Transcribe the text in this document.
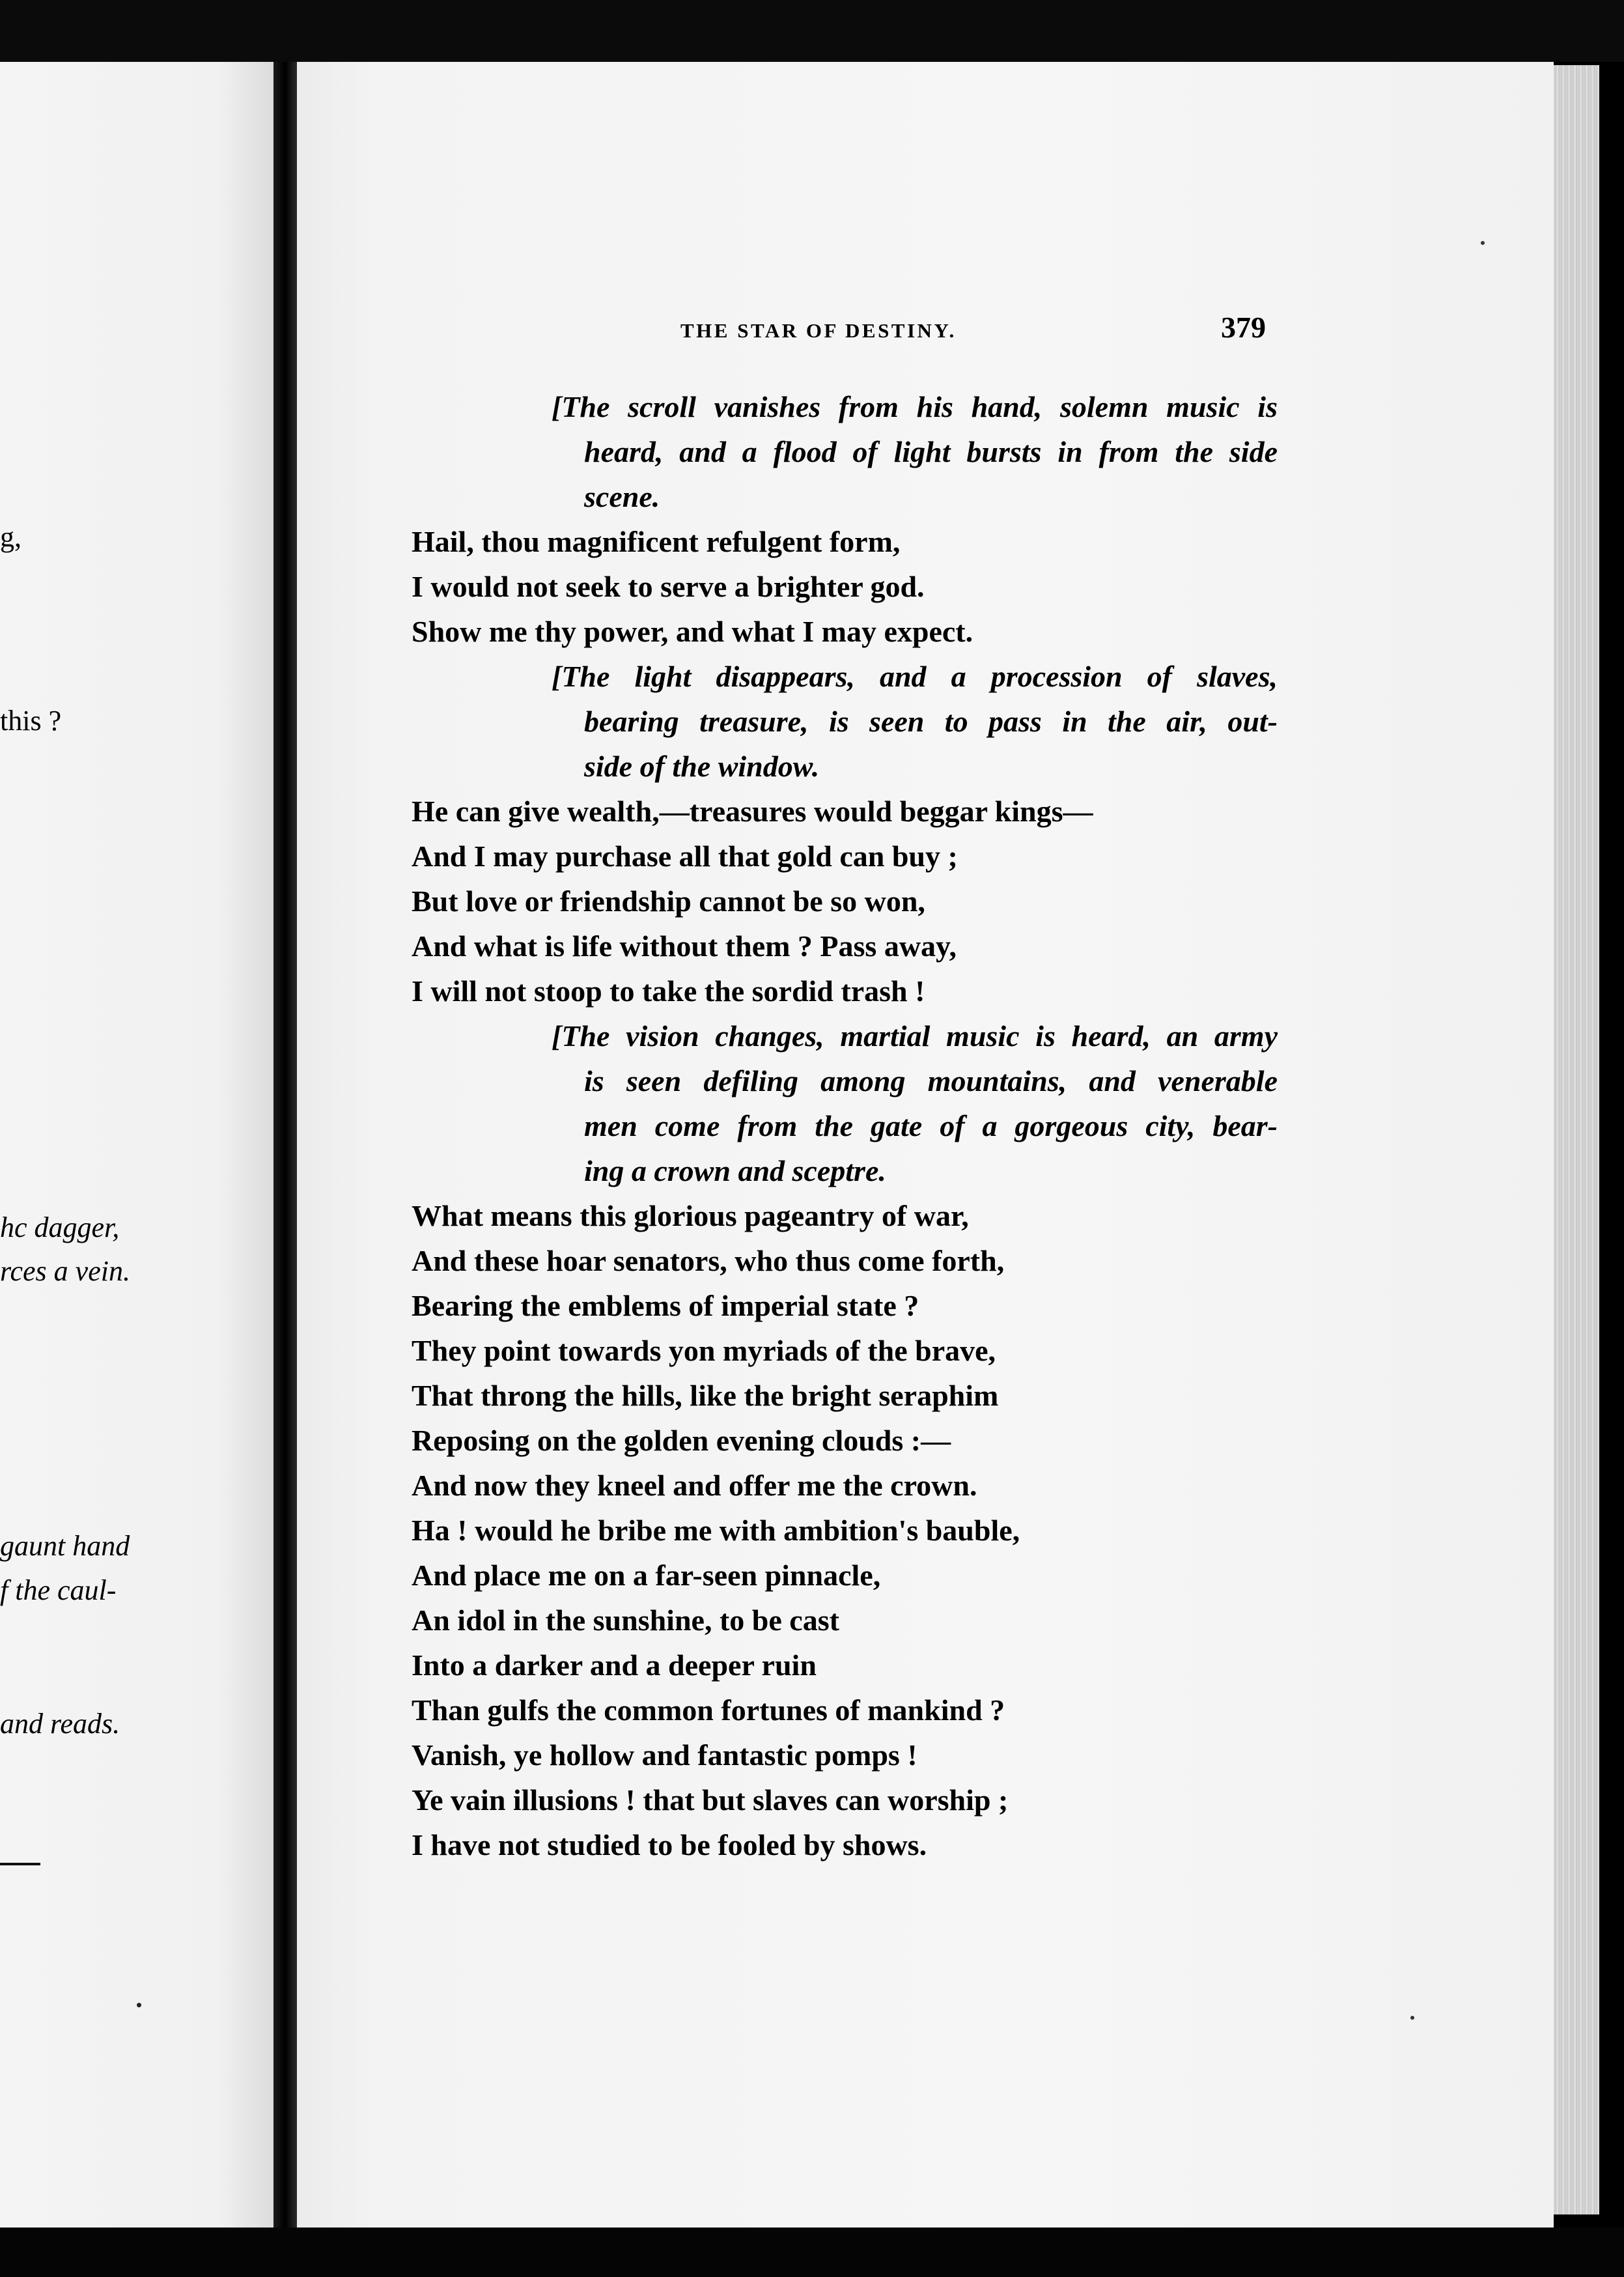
g,
this ?
hc dagger,
rces a vein.
gaunt hand
f the caul-
and reads.
THE STAR OF DESTINY.	379
[The scroll vanishes from his hand, solemn music is
heard, and a flood of light bursts in from the side
scene.
Hail, thou magnificent refulgent form,
I would not seek to serve a brighter god.
Show me thy power, and what I may expect.
[The light disappears, and a procession of slaves,
bearing treasure, is seen to pass in the air, out-
side of the window.
He can give wealth,—treasures would beggar kings—
And I may purchase all that gold can buy ;
But love or friendship cannot be so won,
And what is life without them ? Pass away,
I will not stoop to take the sordid trash !
[The vision changes, martial music is heard, an army
is seen defiling among mountains, and venerable
men come from the gate of a gorgeous city, bear-
ing a crown and sceptre.
What means this glorious pageantry of war,
And these hoar senators, who thus come forth,
Bearing the emblems of imperial state ?
They point towards yon myriads of the brave,
That throng the hills, like the bright seraphim
Reposing on the golden evening clouds :—
And now they kneel and offer me the crown.
Ha ! would he bribe me with ambition's bauble,
And place me on a far-seen pinnacle,
An idol in the sunshine, to be cast
Into a darker and a deeper ruin
Than gulfs the common fortunes of mankind ?
Vanish, ye hollow and fantastic pomps !
Ye vain illusions ! that but slaves can worship ;
I have not studied to be fooled by shows.
